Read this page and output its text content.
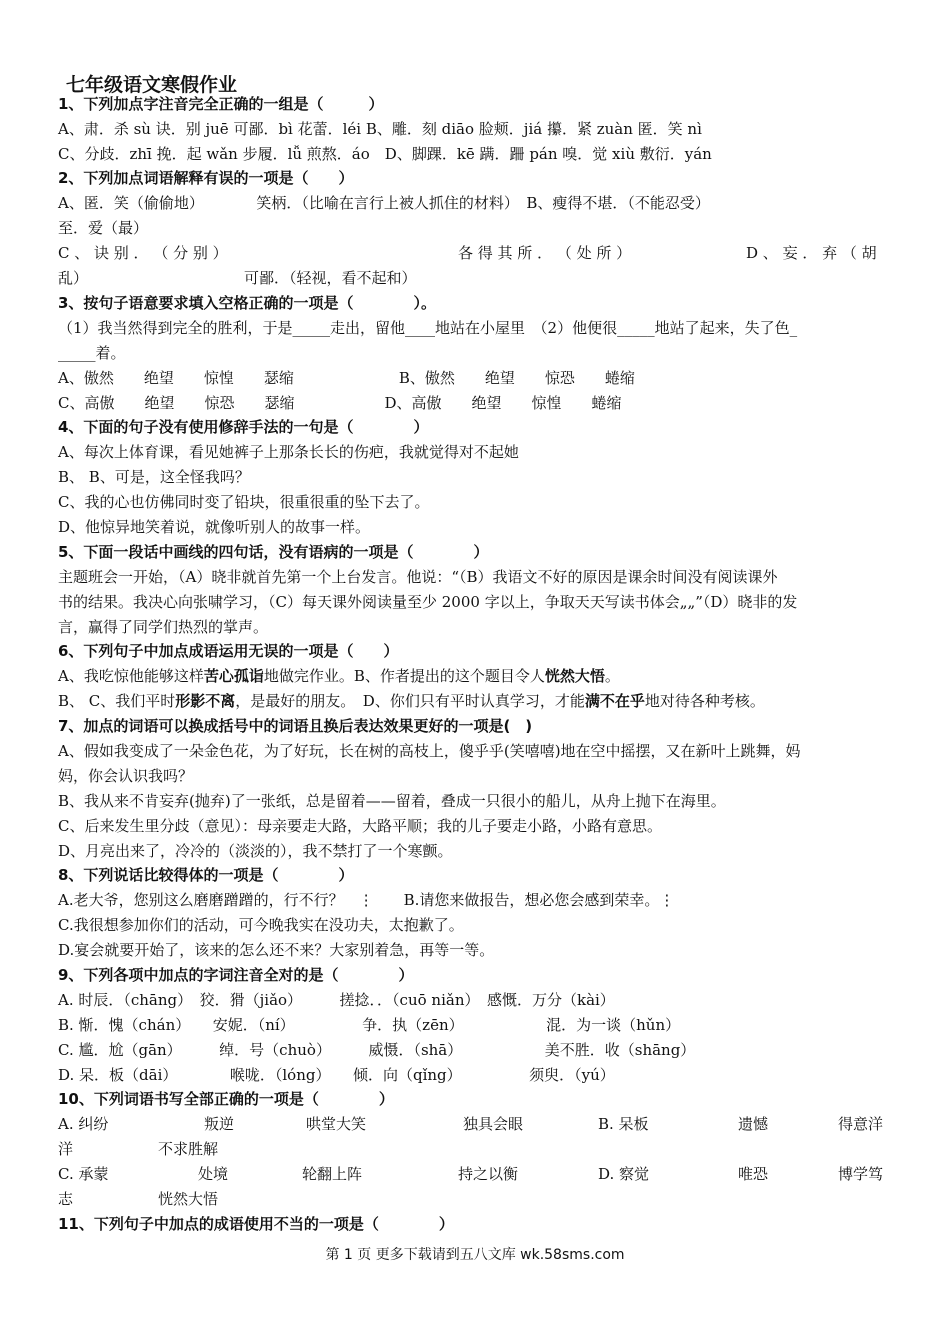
七年级语文寒假作业
1、下列加点字注音完全正确的一组是（　　　）
A、肃．杀 sù 诀．别 juē 可鄙．bì 花蕾．léi B、雕．刻 diāo 脸颊．jiá 攥．紧 zuàn 匿．笑 nì
C、分歧．zhī 挽．起 wǎn 步履．lǚ 煎熬．áo　D、脚踝．kē 蹒．跚 pán 嗅．觉 xiù 敷衍．yán
2、下列加点词语解释有误的一项是（　　）
A、匿．笑（偷偷地）　　　　笑柄．（比喻在言行上被人抓住的材料）　B、瘦得不堪．（不能忍受）
至．爱（最）
C 、 诀 别 ． （ 分 别 ）	各 得 其 所 ． （ 处 所 ）	D 、 妄 ． 弃 （ 胡
乱）	可鄙．（轻视，看不起和）
3、按句子语意要求填入空格正确的一项是（　　　　）。
（1）我当然得到完全的胜利，于是_____走出，留他____地站在小屋里　（2）他便很_____地站了起来，失了色_
_____着。
A、傲然　　绝望　　惊惶　　瑟缩　　　　　　　B、傲然　　绝望　　惊恐　　蜷缩
C、高傲　　绝望　　惊恐　　瑟缩　　　　　　D、高傲　　绝望　　惊惶　　蜷缩
4、下面的句子没有使用修辞手法的一句是（　　　　）
A、每次上体育课，看见她裤子上那条长长的伤疤，我就觉得对不起她
B、 B、可是，这全怪我吗？
C、我的心也仿佛同时变了铅块，很重很重的坠下去了。
D、他惊异地笑着说，就像听别人的故事一样。
5、下面一段话中画线的四句话，没有语病的一项是（　　　　）
主题班会一开始，（A）晓非就首先第一个上台发言。他说：“（B）我语文不好的原因是课余时间没有阅读课外
书的结果。我决心向张啸学习，（C）每天课外阅读量至少 2000 字以上，争取天天写读书体会„„”（D）晓非的发
言，赢得了同学们热烈的掌声。
6、下列句子中加点成语运用无误的一项是（　　）
A、我吃惊他能够这样苦心孤诣地做完作业。B、作者提出的这个题目令人恍然大悟。
B、 C、我们平时形影不离，是最好的朋友。　D、你们只有平时认真学习，才能满不在乎地对待各种考核。
7、加点的词语可以换成括号中的词语且换后表达效果更好的一项是(　)
A、假如我变成了一朵金色花，为了好玩，长在树的高枝上，傻乎乎(笑嘻嘻)地在空中摇摆，又在新叶上跳舞，妈
妈，你会认识我吗？
B、我从来不肯妄弃(抛弃)了一张纸，总是留着——留着，叠成一只很小的船儿，从舟上抛下在海里。
C、后来发生里分歧（意见）：母亲要走大路，大路平顺；我的儿子要走小路，小路有意思。
D、月亮出来了，冷冷的（淡淡的），我不禁打了一个寒颤。
8、下列说话比较得体的一项是（　　　　）
A.老大爷，您别这么磨磨蹭蹭的，行不行？　⋮　　B.请您来做报告，想必您会感到荣幸。⋮
C.我很想参加你们的活动，可今晚我实在没功夫，太抱歉了。
D.宴会就要开始了，该来的怎么还不来？大家别着急，再等一等。
9、下列各项中加点的字词注音全对的是（　　　　）
A. 时辰．（chāng）　狡．猾（jiǎo）　　　搓捻．．（cuō niǎn）　感慨．万分（kài）
B. 惭．愧（chán）　　安妮．（ní）　　　　　争．执（zēn）　　　　　　混．为一谈（hǔn）
C. 尴．尬（gān）　　　绰．号（chuò）　　　威慑．（shā）　　　　　　美不胜．收（shāng）
D. 呆．板（dāi）　　　　喉咙．（lóng）　　倾．向（qǐng）　　　　　须臾．（yú）
10、下列词语书写全部正确的一项是（　　　　）
A. 纠纷	叛逆	哄堂大笑	独具会眼	B. 呆板	遗憾	得意洋
洋	不求胜解
C. 承蒙	处境	轮翻上阵	持之以衡	D. 察觉	唯恐	博学笃
志	恍然大悟
11、下列句子中加点的成语使用不当的一项是（　　　　）
第 1 页 更多下载请到五八文库 wk.58sms.com
